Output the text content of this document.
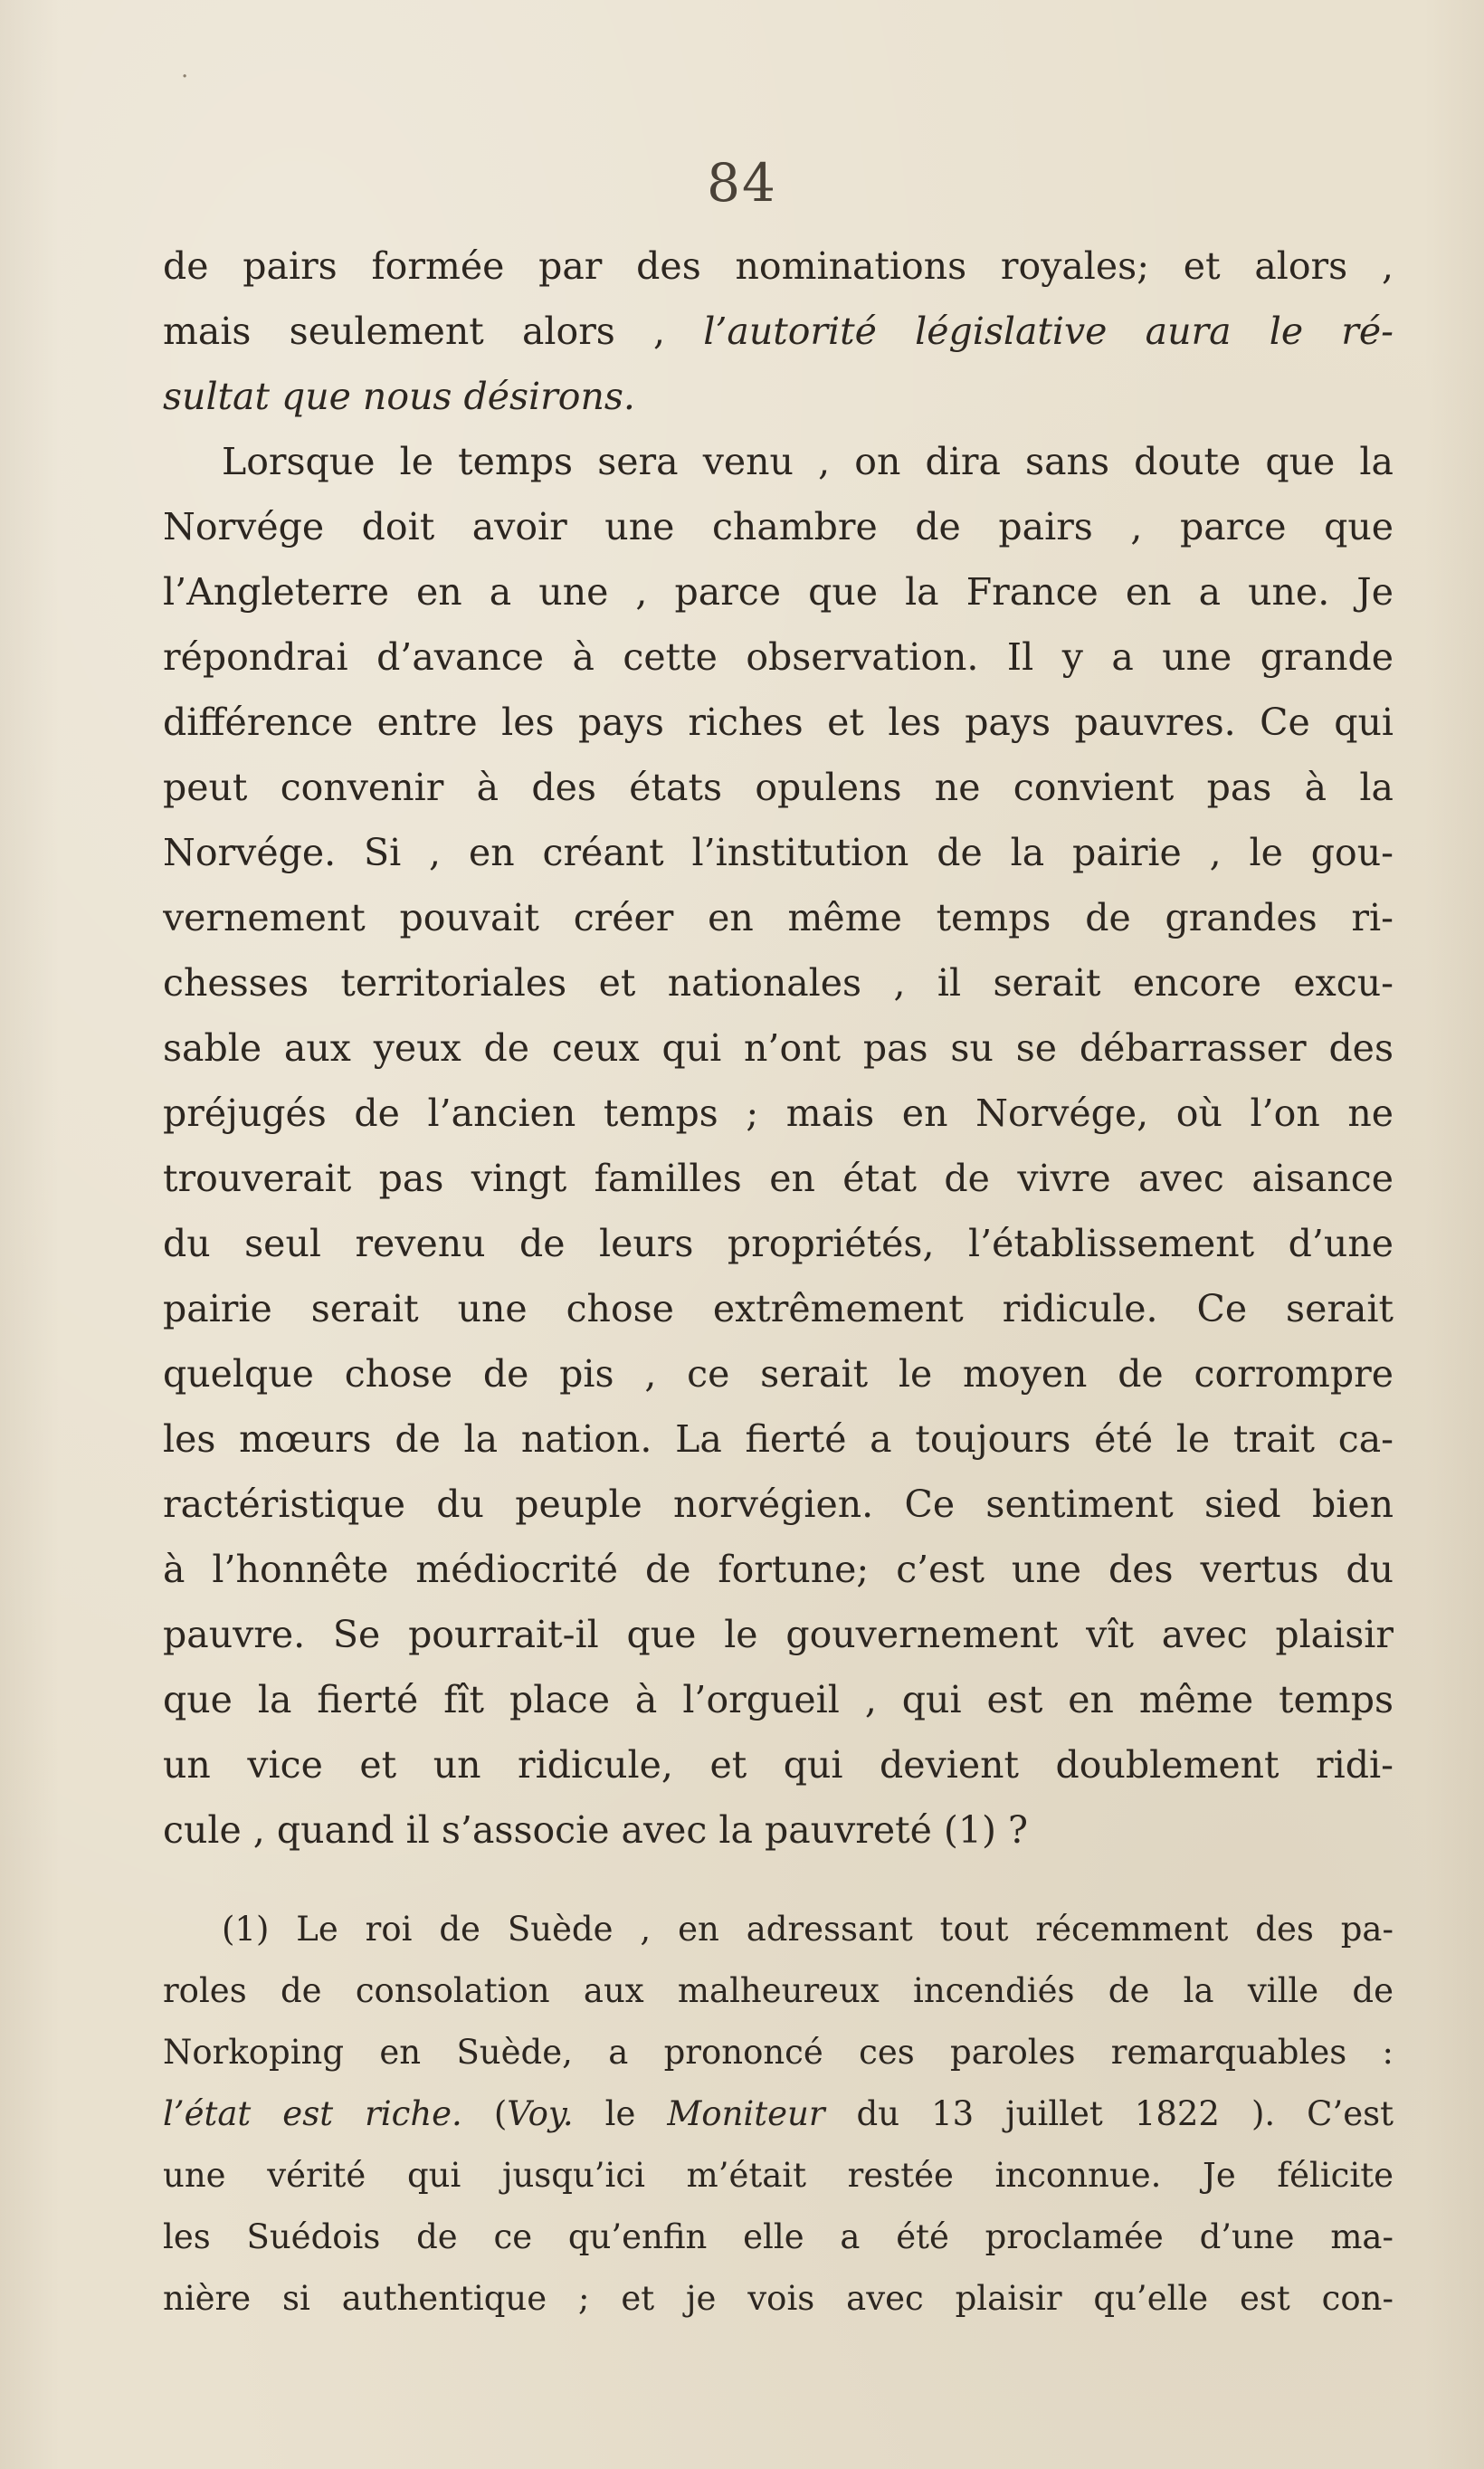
·
84
de pairs formée par des nominations royales; et alors ,
mais seulement alors , l’autorité législative aura le ré-
sultat que nous désirons.
Lorsque le temps sera venu , on dira sans doute que la
Norvége doit avoir une chambre de pairs , parce que
l’Angleterre en a une , parce que la France en a une. Je
répondrai d’avance à cette observation. Il y a une grande
différence entre les pays riches et les pays pauvres. Ce qui
peut convenir à des états opulens ne convient pas à la
Norvége. Si , en créant l’institution de la pairie , le gou-
vernement pouvait créer en même temps de grandes ri-
chesses territoriales et nationales , il serait encore excu-
sable aux yeux de ceux qui n’ont pas su se débarrasser des
préjugés de l’ancien temps ; mais en Norvége, où l’on ne
trouverait pas vingt familles en état de vivre avec aisance
du seul revenu de leurs propriétés, l’établissement d’une
pairie serait une chose extrêmement ridicule. Ce serait
quelque chose de pis , ce serait le moyen de corrompre
les mœurs de la nation. La fierté a toujours été le trait ca-
ractéristique du peuple norvégien. Ce sentiment sied bien
à l’honnête médiocrité de fortune; c’est une des vertus du
pauvre. Se pourrait-il que le gouvernement vît avec plaisir
que la fierté fît place à l’orgueil , qui est en même temps
un vice et un ridicule, et qui devient doublement ridi-
cule , quand il s’associe avec la pauvreté (1) ?
(1) Le roi de Suède , en adressant tout récemment des pa-
roles de consolation aux malheureux incendiés de la ville de
Norkoping en Suède, a prononcé ces paroles remarquables :
l’état est riche. (Voy. le Moniteur du 13 juillet 1822 ). C’est
une vérité qui jusqu’ici m’était restée inconnue. Je félicite
les Suédois de ce qu’enfin elle a été proclamée d’une ma-
nière si authentique ; et je vois avec plaisir qu’elle est con-
